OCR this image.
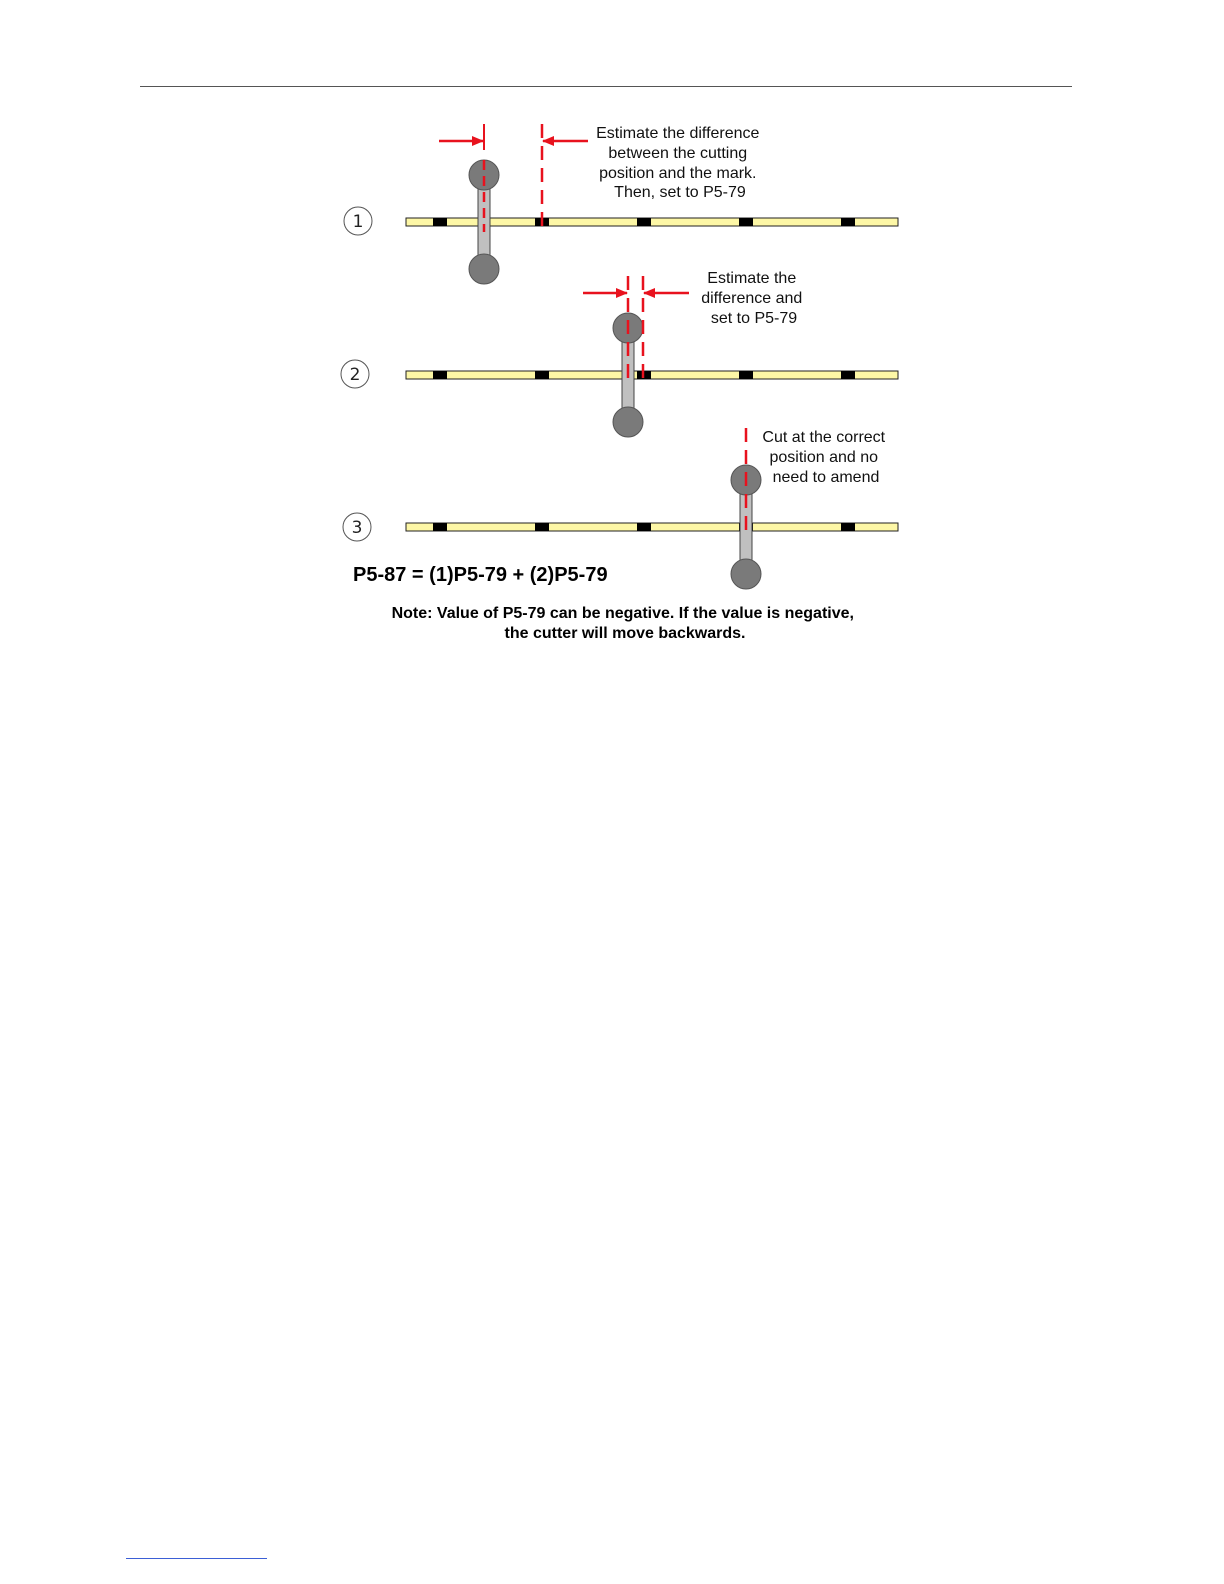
1
Estimate the difference between the cutting position and the mark. Then, set to P5-79
2
Estimate the difference and set to P5-79
3
Cut at the correct position and no need to amend
P5-87 = (1)P5-79 + (2)P5-79
Note: Value of P5-79 can be negative. If the value is negative, the cutter will move backwards.
